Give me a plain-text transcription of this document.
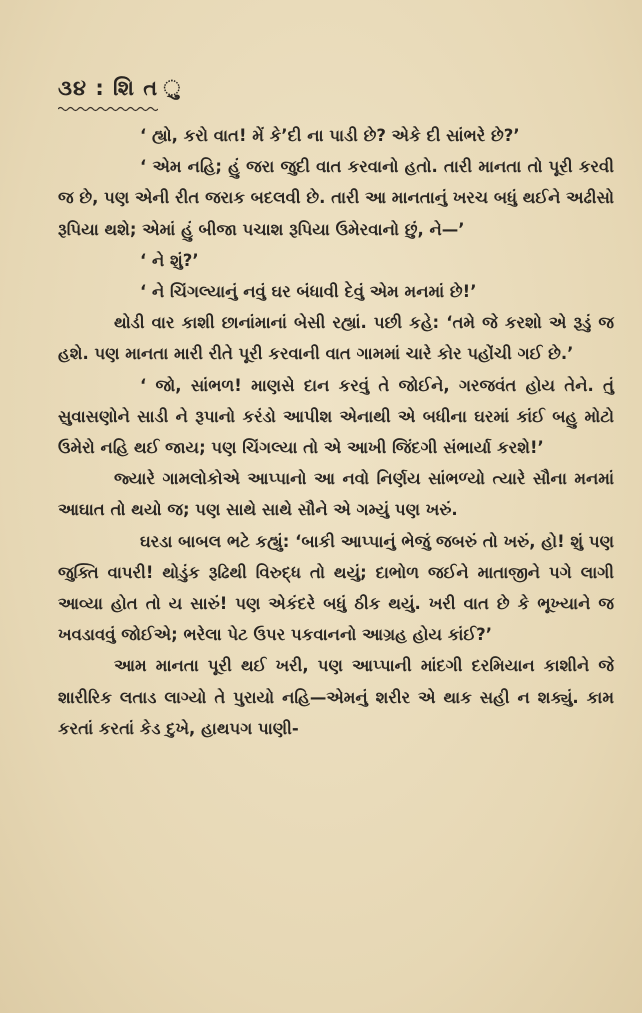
૩૪ : શિ ત ુ

‘ હ્યો, કરો વાત! મેં કે’દી ના પાડી છે? એકે દી સાંભરે છે?’

‘ એમ નહિ; હું જરા જુદી વાત કરવાનો હતો. તારી માનતા તો પૂરી કરવી જ છે, પણ એની રીત જરાક બદલવી છે. તારી આ માનતાનું ખરચ બધું થઈને અઢીસો રૂપિયા થશે; એમાં હું બીજા પચાશ રૂપિયા ઉમેરવાનો છું, ને—’

‘ ને શું?’

‘ ને ચિંગલ્યાનું નવું ઘર બંધાવી દેવું એમ મનમાં છે!’

થોડી વાર કાશી છાનાંમાનાં બેસી રહ્યાં. પછી કહે: ‘તમે જે કરશો એ રૂડું જ હશે. પણ માનતા મારી રીતે પૂરી કરવાની વાત ગામમાં ચારે કોર પહોંચી ગઈ છે.’

‘ જો, સાંભળ! માણસે દાન કરવું તે જોઈને, ગરજવંત હોય તેને. તું સુવાસણોને સાડી ને રૂપાનો કરંડો આપીશ એનાથી એ બધીના ઘરમાં કાંઈ બહુ મોટો ઉમેરો નહિ થઈ જાય; પણ ચિંગલ્યા તો એ આખી જિંદગી સંભાર્યા કરશે!’

જ્યારે ગામલોકોએ આપ્પાનો આ નવો નિર્ણય સાંભળ્યો ત્યારે સૌના મનમાં આઘાત તો થયો જ; પણ સાથે સાથે સૌને એ ગમ્યું પણ ખરું.

ઘરડા બાબલ ભટે કહ્યું: ‘બાકી આપ્પાનું ભેજું જબરું તો ખરું, હો! શું પણ જુક્તિ વાપરી! થોડુંક રૂઢિથી વિરુદ્ધ તો થયું; દાભોળ જઈને માતાજીને પગે લાગી આવ્યા હોત તો ય સારું! પણ એકંદરે બધું ઠીક થયું. ખરી વાત છે કે ભૂખ્યાને જ ખવડાવવું જોઈએ; ભરેલા પેટ ઉપર પકવાનનો આગ્રહ હોય કાંઈ?’

આમ માનતા પૂરી થઈ ખરી, પણ આપ્પાની માંદગી દરમિયાન કાશીને જે શારીરિક લતાડ લાગ્યો તે પુરાયો નહિ—એમનું શરીર એ થાક સહી ન શક્યું. કામ કરતાં કરતાં કેડ દુખે, હાથપગ પાણી-
